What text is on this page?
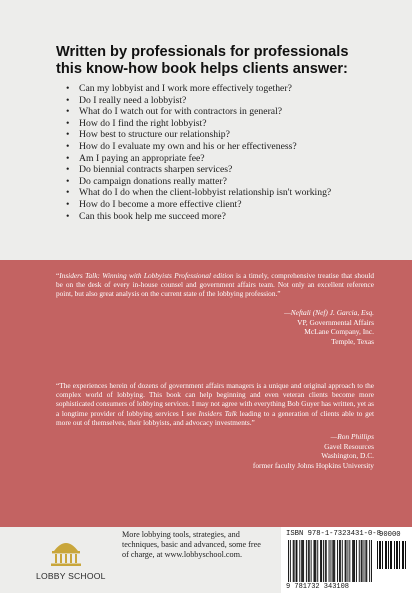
Written by professionals for professionals
this know-how book helps clients answer:
• Can my lobbyist and I work more effectively together?
• Do I really need a lobbyist?
• What do I watch out for with contractors in general?
• How do I find the right lobbyist?
• How best to structure our relationship?
• How do I evaluate my own and his or her effectiveness?
• Am I paying an appropriate fee?
• Do biennial contracts sharpen services?
• Do campaign donations really matter?
• What do I do when the client-lobbyist relationship isn't working?
• How do I become a more effective client?
• Can this book help me succeed more?

“Insiders Talk: Winning with Lobbyists Professional edition is a timely, comprehensive treatise that should be on the desk of every in-house counsel and government affairs team. Not only an excellent reference point, but also great analysis on the current state of the lobbying profession.”

—Neftali (Nef) J. Garcia, Esq.
VP, Governmental Affairs
McLane Company, Inc.
Temple, Texas

“The experiences herein of dozens of government affairs managers is a unique and original approach to the complex world of lobbying. This book can help beginning and even veteran clients become more sophisticated consumers of lobbying services. I may not agree with everything Bob Guyer has written, yet as a longtime provider of lobbying services I see Insiders Talk leading to a generation of clients able to get more out of themselves, their lobbyists, and advocacy investments.”

—Ron Phillips
Gavel Resources
Washington, D.C.
former faculty Johns Hopkins University
LOBBY SCHOOL

More lobbying tools, strategies, and techniques, basic and advanced, some free of charge, at www.lobbyschool.com.

ISBN 978-1-7323431-0-8
90000
9 781732 343108
